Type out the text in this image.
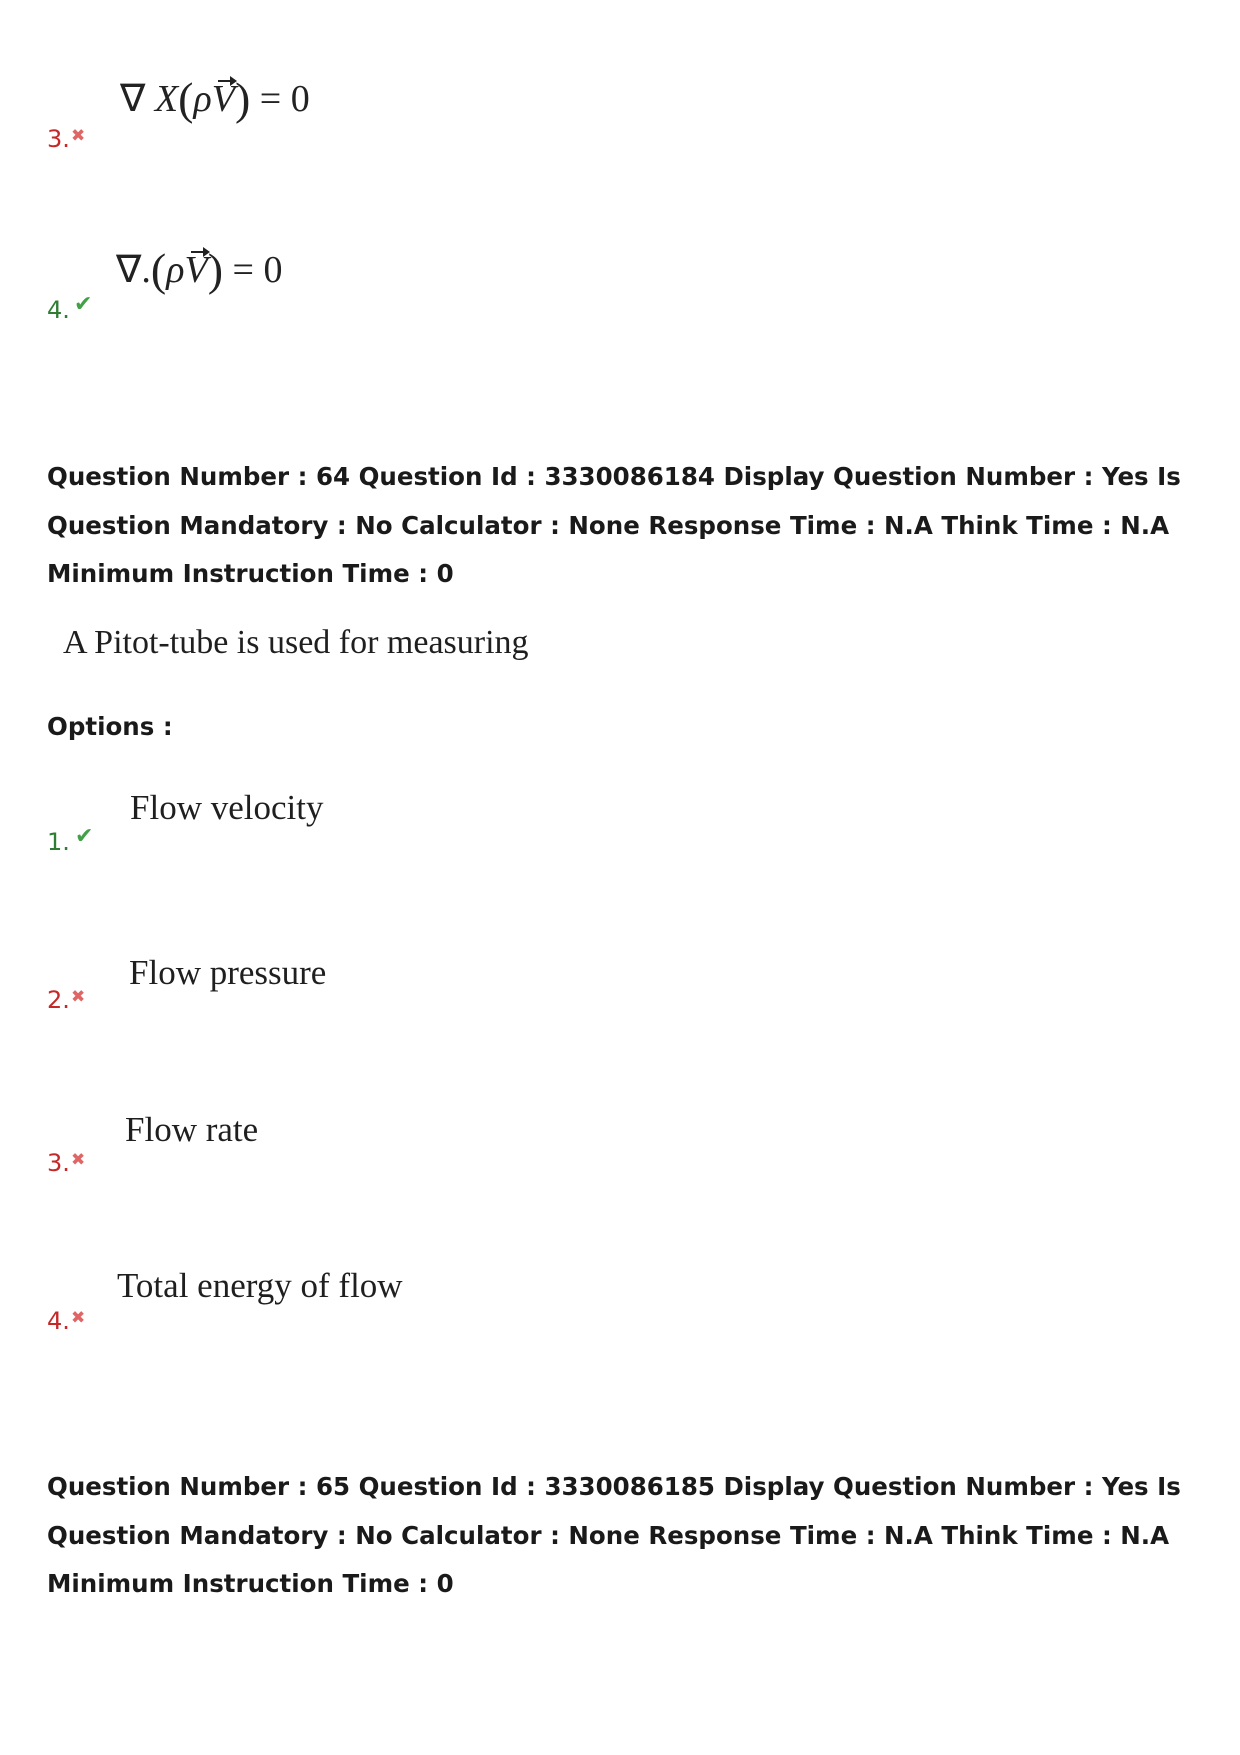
3. ✖
∇ X(ρV) = 0
4. ✔
∇.(ρV) = 0
Question Number : 64 Question Id : 3330086184 Display Question Number : Yes Is Question Mandatory : No Calculator : None Response Time : N.A Think Time : N.A Minimum Instruction Time : 0
A Pitot-tube is used for measuring
Options :
1. ✔
Flow velocity
2. ✖
Flow pressure
3. ✖
Flow rate
4. ✖
Total energy of flow
Question Number : 65 Question Id : 3330086185 Display Question Number : Yes Is Question Mandatory : No Calculator : None Response Time : N.A Think Time : N.A Minimum Instruction Time : 0
